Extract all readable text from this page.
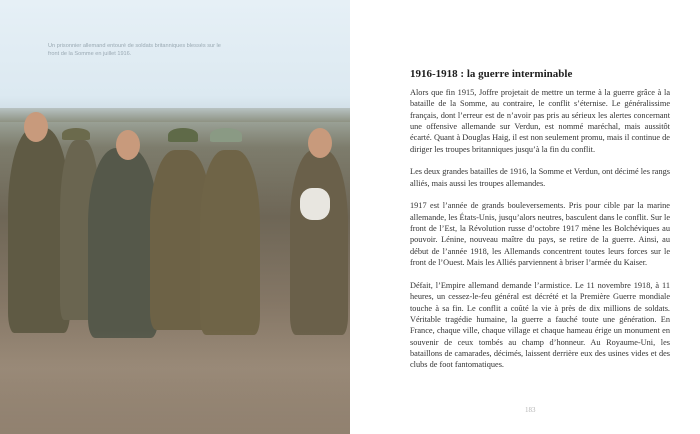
Un prisonnier allemand entouré de soldats britanniques blessés sur le front de la Somme en juillet 1916.
1916-1918 : la guerre interminable

Alors que fin 1915, Joffre projetait de mettre un terme à la guerre grâce à la bataille de la Somme, au contraire, le conflit s’éternise. Le généralissime français, dont l’erreur est de n’avoir pas pris au sérieux les alertes concernant une offensive allemande sur Verdun, est nommé maréchal, mais aussitôt écarté. Quant à Douglas Haig, il est non seulement promu, mais il continue de diriger les troupes britanniques jusqu’à la fin du conflit.

Les deux grandes batailles de 1916, la Somme et Verdun, ont décimé les rangs alliés, mais aussi les troupes allemandes.

1917 est l’année de grands bouleversements. Pris pour cible par la marine allemande, les États-Unis, jusqu’alors neutres, basculent dans le conflit. Sur le front de l’Est, la Révolution russe d’octobre 1917 mène les Bolchéviques au pouvoir. Lénine, nouveau maître du pays, se retire de la guerre. Ainsi, au début de l’année 1918, les Allemands concentrent toutes leurs forces sur le front de l’Ouest. Mais les Alliés parviennent à briser l’armée du Kaiser.

Défait, l’Empire allemand demande l’armistice. Le 11 novembre 1918, à 11 heures, un cessez-le-feu général est décrété et la Première Guerre mondiale touche à sa fin. Le conflit a coûté la vie à près de dix millions de soldats. Véritable tragédie humaine, la guerre a fauché toute une génération. En France, chaque ville, chaque village et chaque hameau érige un monument en souvenir de ceux tombés au champ d’honneur. Au Royaume-Uni, les bataillons de camarades, décimés, laissent derrière eux des usines vides et des clubs de foot fantomatiques.

183
